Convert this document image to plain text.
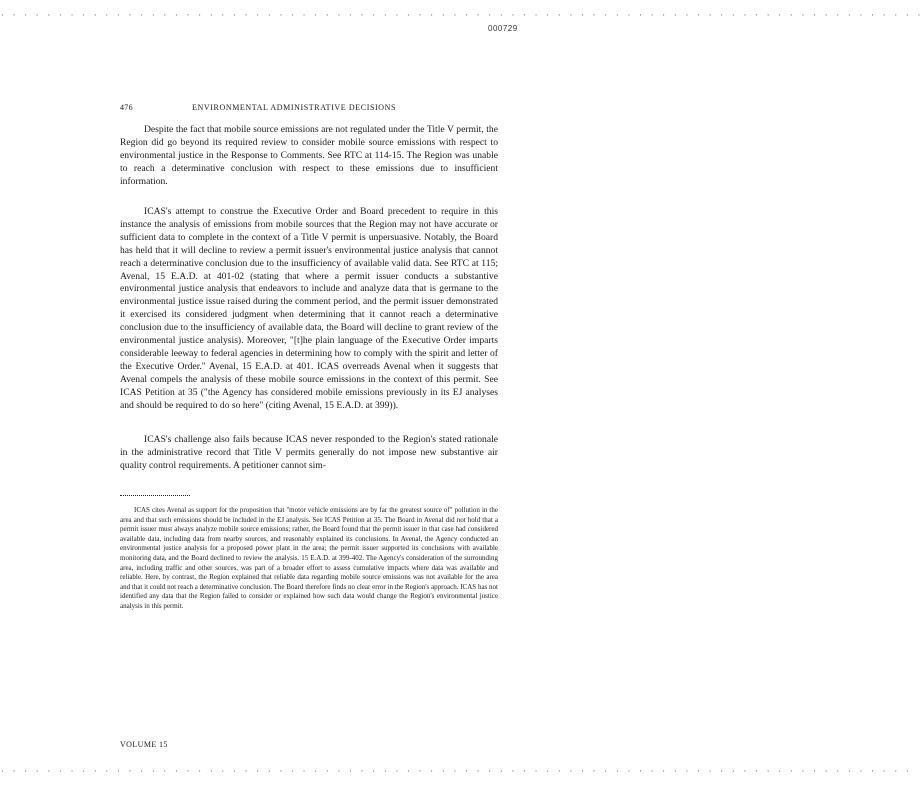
· · · · · · · · · · · · · · · · · · · · · · · · · · · · · · · · · · · · · · · · · · · · · · · · · · · · · · · · · · · · · · · · · · · · · · · · · · · · · · · ·
000729
476	ENVIRONMENTAL ADMINISTRATIVE DECISIONS

Despite the fact that mobile source emissions are not regulated under the Title V permit, the Region did go beyond its required review to consider mobile source emissions with respect to environmental justice in the Response to Comments. See RTC at 114-15. The Region was unable to reach a determinative conclusion with respect to these emissions due to insufficient information.

ICAS's attempt to construe the Executive Order and Board precedent to require in this instance the analysis of emissions from mobile sources that the Region may not have accurate or sufficient data to complete in the context of a Title V permit is unpersuasive. Notably, the Board has held that it will decline to review a permit issuer's environmental justice analysis that cannot reach a determinative conclusion due to the insufficiency of available valid data. See RTC at 115; Avenal, 15 E.A.D. at 401-02 (stating that where a permit issuer conducts a substantive environmental justice analysis that endeavors to include and analyze data that is germane to the environmental justice issue raised during the comment period, and the permit issuer demonstrated it exercised its considered judgment when determining that it cannot reach a determinative conclusion due to the insufficiency of available data, the Board will decline to grant review of the environmental justice analysis). Moreover, "[t]he plain language of the Executive Order imparts considerable leeway to federal agencies in determining how to comply with the spirit and letter of the Executive Order." Avenal, 15 E.A.D. at 401. ICAS overreads Avenal when it suggests that Avenal compels the analysis of these mobile source emissions in the context of this permit. See ICAS Petition at 35 ("the Agency has considered mobile emissions previously in its EJ analyses and should be required to do so here" (citing Avenal, 15 E.A.D. at 399)).

ICAS's challenge also fails because ICAS never responded to the Region's stated rationale in the administrative record that Title V permits generally do not impose new substantive air quality control requirements. A petitioner cannot sim-

ICAS cites Avenal as support for the proposition that "motor vehicle emissions are by far the greatest source of" pollution in the area and that such emissions should be included in the EJ analysis. See ICAS Petition at 35. The Board in Avenal did not hold that a permit issuer must always analyze mobile source emissions; rather, the Board found that the permit issuer in that case had considered available data, including data from nearby sources, and reasonably explained its conclusions. In Avenal, the Agency conducted an environmental justice analysis for a proposed power plant in the area; the permit issuer supported its conclusions with available monitoring data, and the Board declined to review the analysis. 15 E.A.D. at 399-402. The Agency's consideration of the surrounding area, including traffic and other sources, was part of a broader effort to assess cumulative impacts where data was available and reliable. Here, by contrast, the Region explained that reliable data regarding mobile source emissions was not available for the area and that it could not reach a determinative conclusion. The Board therefore finds no clear error in the Region's approach. ICAS has not identified any data that the Region failed to consider or explained how such data would change the Region's environmental justice analysis in this permit.
VOLUME 15
· · · · · · · · · · · · · · · · · · · · · · · · · · · · · · · · · · · · · · · · · · · · · · · · · · · · · · · · · · · · · · · · · · · · · · · · · · · · · · ·
